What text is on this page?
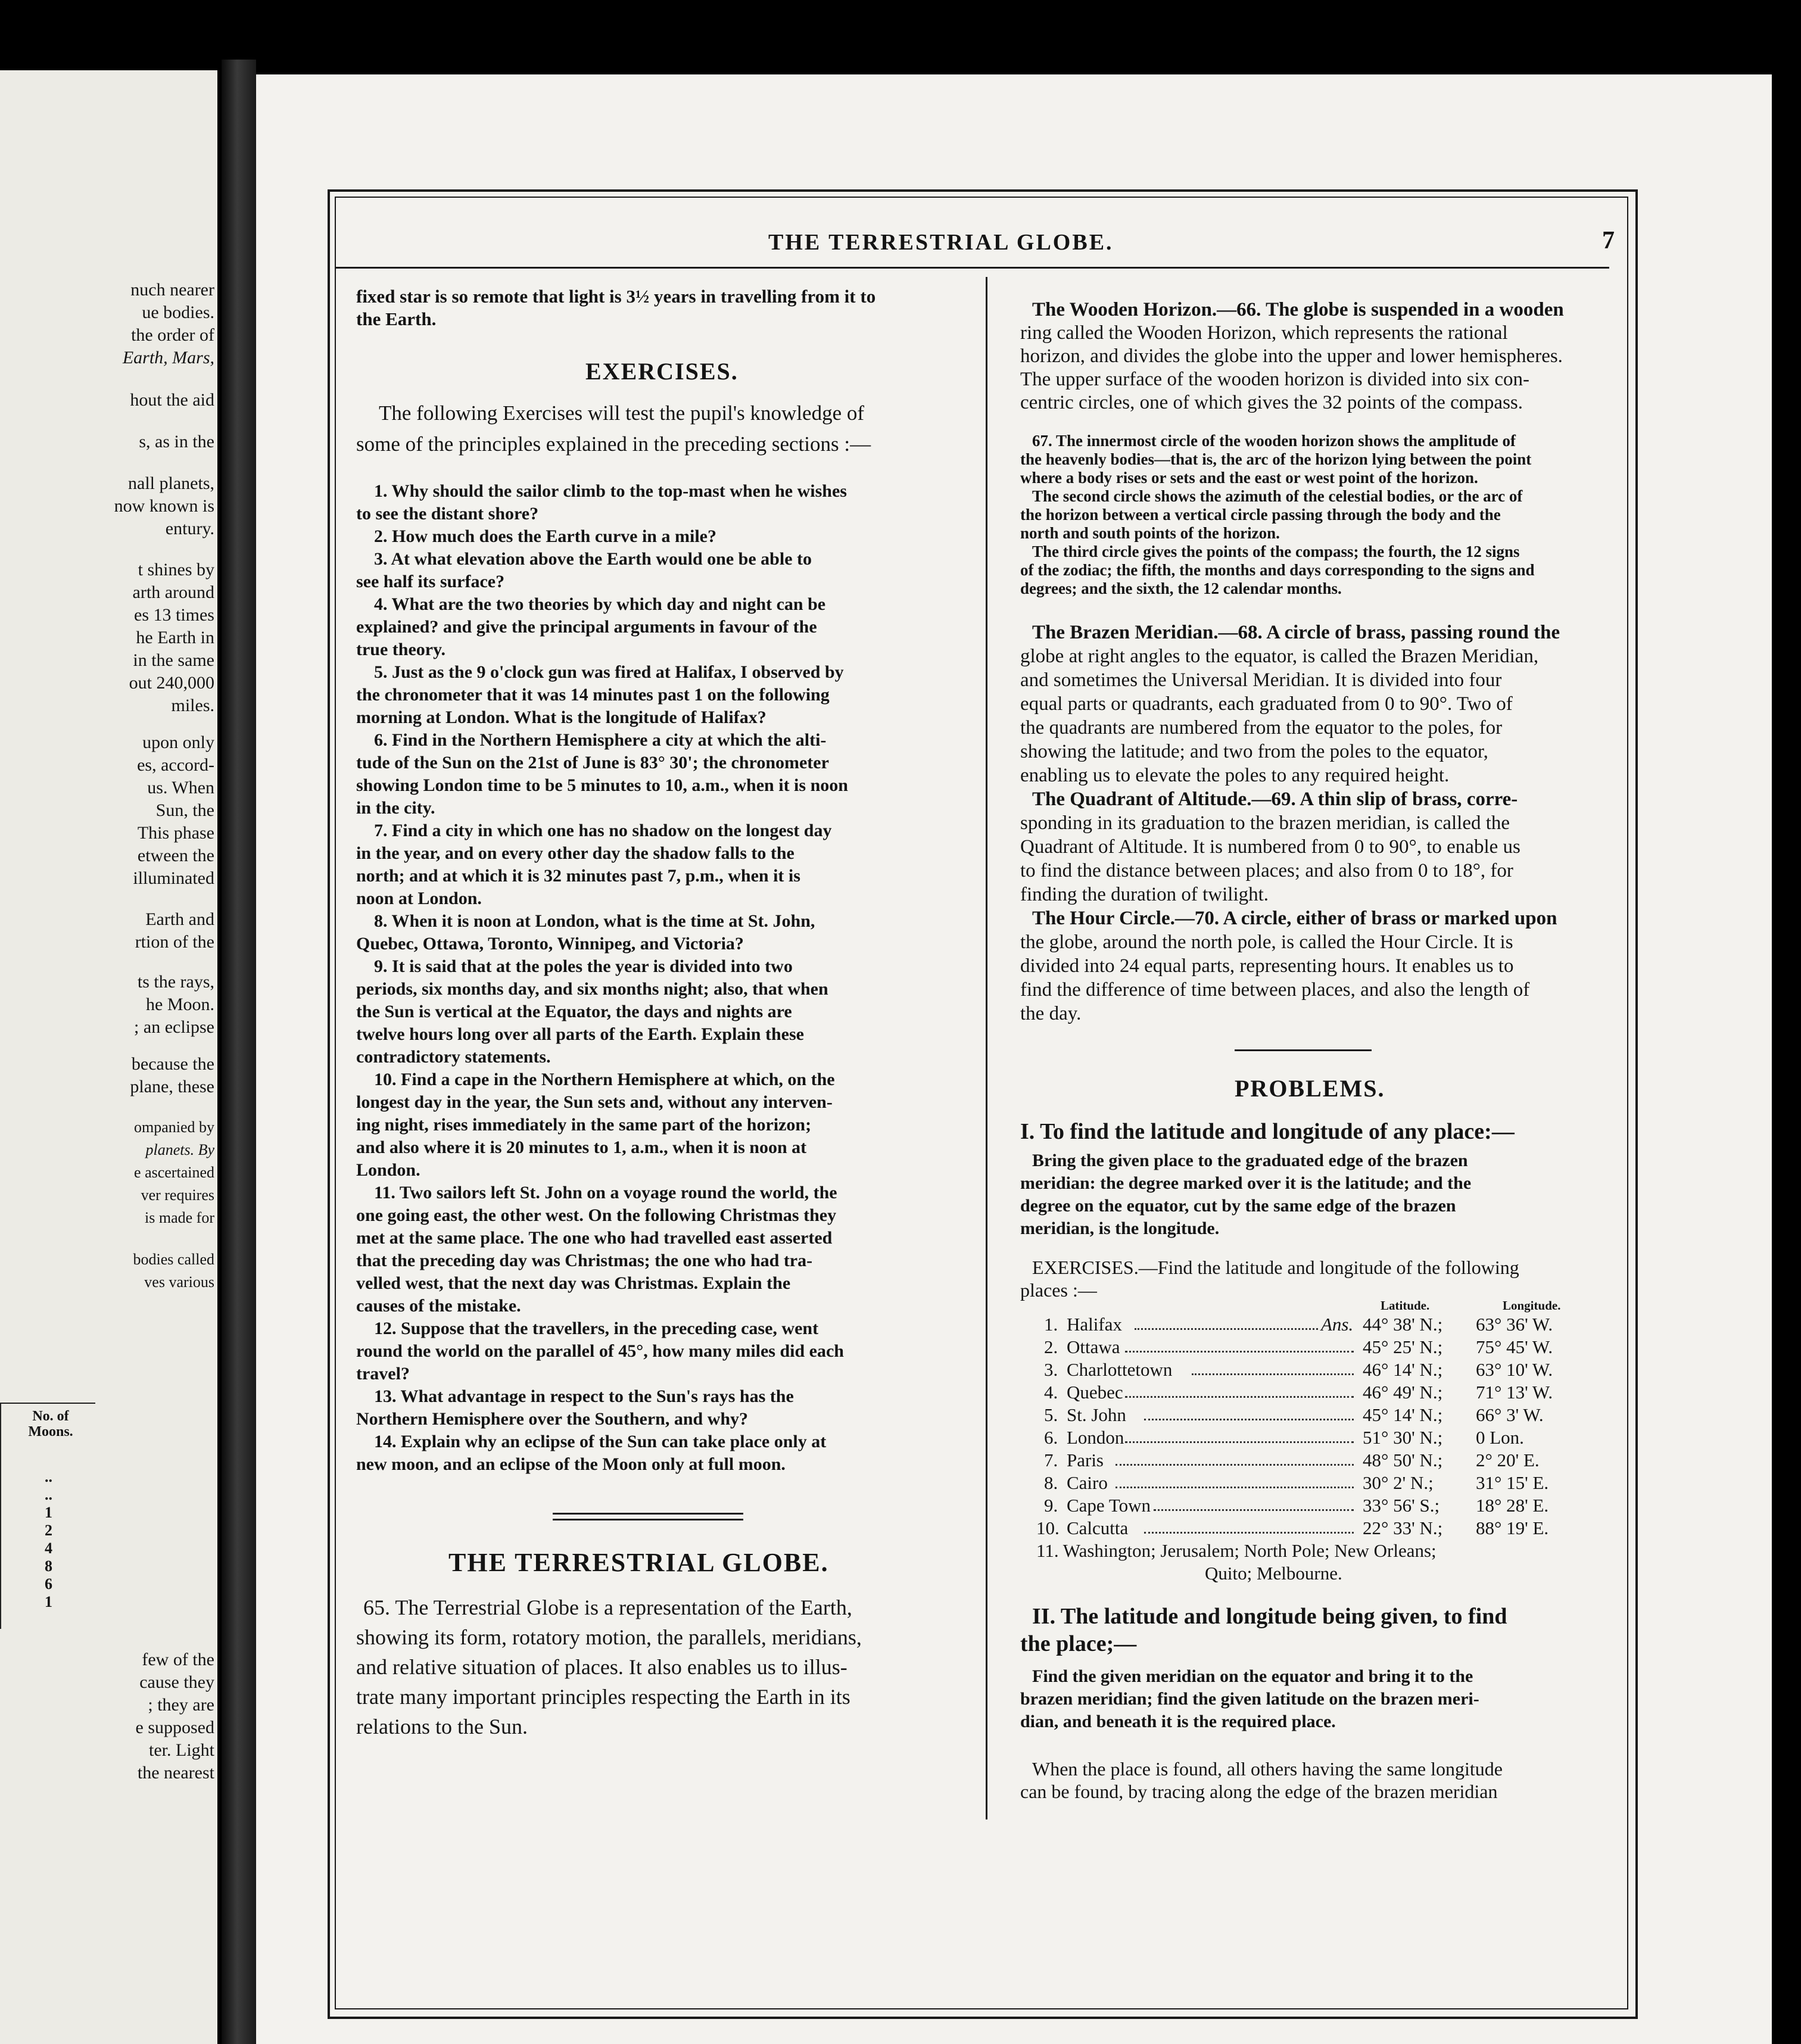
THE TERRESTRIAL GLOBE.	7
nuch nearer
ue bodies.
the order of
Earth, Mars,
hout the aid
s, as in the
nall planets,
now known is
entury.
t shines by
arth around
es 13 times
he Earth in
in the same
out 240,000
miles.
upon only
es, accord-
us. When
Sun, the
This phase
etween the
illuminated
Earth and
rtion of the
ts the rays,
he Moon.
; an eclipse
because the
plane, these
ompanied by
planets. By
e ascertained
ver requires
is made for
bodies called
ves various
few of the
cause they
; they are
e supposed
ter. Light
the nearest
No. of Moons.
..
..
1
2
4
8
6
1
fixed star is so remote that light is 3½ years in travelling from it to
the Earth.
EXERCISES.
The following Exercises will test the pupil's knowledge of
some of the principles explained in the preceding sections :—
1. Why should the sailor climb to the top-mast when he wishes
to see the distant shore?
2. How much does the Earth curve in a mile?
3. At what elevation above the Earth would one be able to
see half its surface?
4. What are the two theories by which day and night can be
explained? and give the principal arguments in favour of the
true theory.
5. Just as the 9 o'clock gun was fired at Halifax, I observed by
the chronometer that it was 14 minutes past 1 on the following
morning at London. What is the longitude of Halifax?
6. Find in the Northern Hemisphere a city at which the alti-
tude of the Sun on the 21st of June is 83° 30'; the chronometer
showing London time to be 5 minutes to 10, a.m., when it is noon
in the city.
7. Find a city in which one has no shadow on the longest day
in the year, and on every other day the shadow falls to the
north; and at which it is 32 minutes past 7, p.m., when it is
noon at London.
8. When it is noon at London, what is the time at St. John,
Quebec, Ottawa, Toronto, Winnipeg, and Victoria?
9. It is said that at the poles the year is divided into two
periods, six months day, and six months night; also, that when
the Sun is vertical at the Equator, the days and nights are
twelve hours long over all parts of the Earth. Explain these
contradictory statements.
10. Find a cape in the Northern Hemisphere at which, on the
longest day in the year, the Sun sets and, without any interven-
ing night, rises immediately in the same part of the horizon;
and also where it is 20 minutes to 1, a.m., when it is noon at
London.
11. Two sailors left St. John on a voyage round the world, the
one going east, the other west. On the following Christmas they
met at the same place. The one who had travelled east asserted
that the preceding day was Christmas; the one who had tra-
velled west, that the next day was Christmas. Explain the
causes of the mistake.
12. Suppose that the travellers, in the preceding case, went
round the world on the parallel of 45°, how many miles did each
travel?
13. What advantage in respect to the Sun's rays has the
Northern Hemisphere over the Southern, and why?
14. Explain why an eclipse of the Sun can take place only at
new moon, and an eclipse of the Moon only at full moon.
THE TERRESTRIAL GLOBE.
65. The Terrestrial Globe is a representation of the Earth,
showing its form, rotatory motion, the parallels, meridians,
and relative situation of places. It also enables us to illus-
trate many important principles respecting the Earth in its
relations to the Sun.
The Wooden Horizon.—66. The globe is suspended in a wooden
ring called the Wooden Horizon, which represents the rational
horizon, and divides the globe into the upper and lower hemispheres.
The upper surface of the wooden horizon is divided into six con-
centric circles, one of which gives the 32 points of the compass.
67. The innermost circle of the wooden horizon shows the amplitude of
the heavenly bodies—that is, the arc of the horizon lying between the point
where a body rises or sets and the east or west point of the horizon.
The second circle shows the azimuth of the celestial bodies, or the arc of
the horizon between a vertical circle passing through the body and the
north and south points of the horizon.
The third circle gives the points of the compass; the fourth, the 12 signs
of the zodiac; the fifth, the months and days corresponding to the signs and
degrees; and the sixth, the 12 calendar months.
The Brazen Meridian.—68. A circle of brass, passing round the
globe at right angles to the equator, is called the Brazen Meridian,
and sometimes the Universal Meridian. It is divided into four
equal parts or quadrants, each graduated from 0 to 90°. Two of
the quadrants are numbered from the equator to the poles, for
showing the latitude; and two from the poles to the equator,
enabling us to elevate the poles to any required height.
The Quadrant of Altitude.—69. A thin slip of brass, corre-
sponding in its graduation to the brazen meridian, is called the
Quadrant of Altitude. It is numbered from 0 to 90°, to enable us
to find the distance between places; and also from 0 to 18°, for
finding the duration of twilight.
The Hour Circle.—70. A circle, either of brass or marked upon
the globe, around the north pole, is called the Hour Circle. It is
divided into 24 equal parts, representing hours. It enables us to
find the difference of time between places, and also the length of
the day.
PROBLEMS.
I. To find the latitude and longitude of any place:—
Bring the given place to the graduated edge of the brazen
meridian: the degree marked over it is the latitude; and the
degree on the equator, cut by the same edge of the brazen
meridian, is the longitude.
EXERCISES.—Find the latitude and longitude of the following
places :—
Latitude.	Longitude.
1. Halifax	Ans. 44° 38' N.; 63° 36' W.
2. Ottawa	45° 25' N.; 75° 45' W.
3. Charlottetown	46° 14' N.; 63° 10' W.
4. Quebec	46° 49' N.; 71° 13' W.
5. St. John	45° 14' N.; 66° 3' W.
6. London	51° 30' N.; 0 Lon.
7. Paris	48° 50' N.; 2° 20' E.
8. Cairo	30° 2' N.; 31° 15' E.
9. Cape Town	33° 56' S.; 18° 28' E.
10. Calcutta	22° 33' N.; 88° 19' E.
11. Washington; Jerusalem; North Pole; New Orleans;
Quito; Melbourne.
II. The latitude and longitude being given, to find
the place;—
Find the given meridian on the equator and bring it to the
brazen meridian; find the given latitude on the brazen meri-
dian, and beneath it is the required place.
When the place is found, all others having the same longitude
can be found, by tracing along the edge of the brazen meridian
